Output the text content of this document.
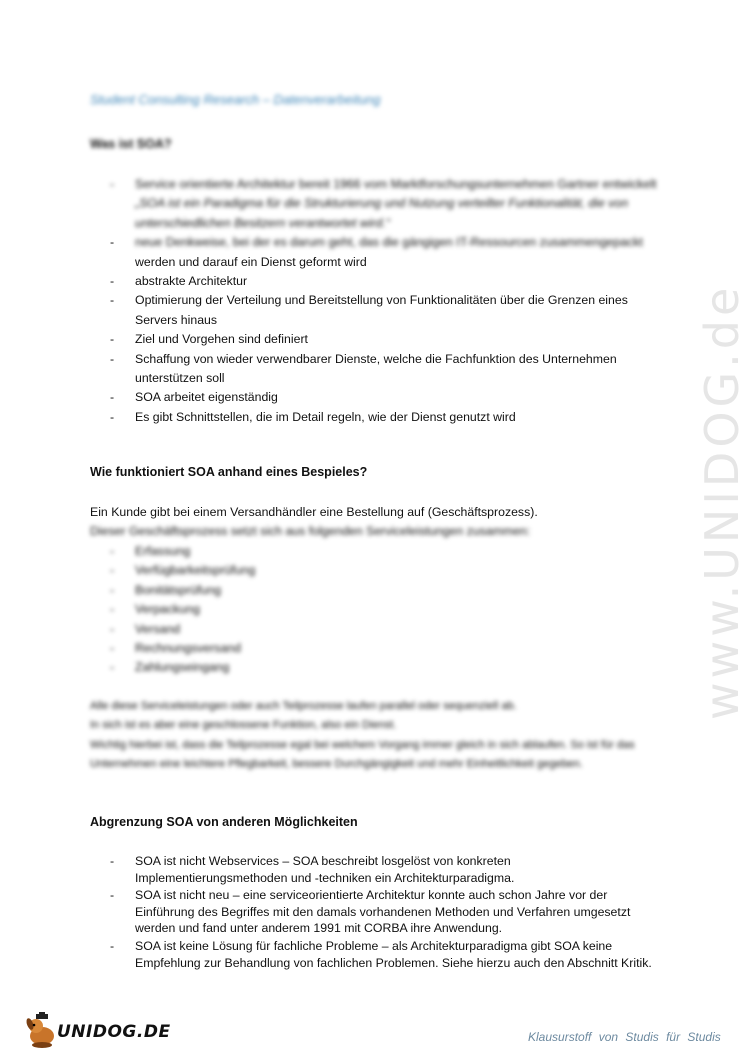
www.UNIDOG.de
Student Consulting Research – Datenverarbeitung
Was ist SOA?
- Service orientierte Architektur bereit 1966 vom Marktforschungsunternehmen Gartner entwickelt
„SOA ist ein Paradigma für die Strukturierung und Nutzung verteilter Funktionalität, die von unterschiedlichen Besitzern verantwortet wird.“
- neue Denkweise, bei der es darum geht, das die gängigen IT-Ressourcen zusammengepackt
werden und darauf ein Dienst geformt wird
- abstrakte Architektur
- Optimierung der Verteilung und Bereitstellung von Funktionalitäten über die Grenzen eines Servers hinaus
- Ziel und Vorgehen sind definiert
- Schaffung von wieder verwendbarer Dienste, welche die Fachfunktion des Unternehmen unterstützen soll
- SOA arbeitet eigenständig
- Es gibt Schnittstellen, die im Detail regeln, wie der Dienst genutzt wird
Wie funktioniert SOA anhand eines Bespieles?

Ein Kunde gibt bei einem Versandhändler eine Bestellung auf (Geschäftsprozess).

Dieser Geschäftsprozess setzt sich aus folgenden Serviceleistungen zusammen:

- Erfassung
- Verfügbarkeitsprüfung
- Bonitätsprüfung
- Verpackung
- Versand
- Rechnungsversand
- Zahlungseingang

Alle diese Serviceleistungen oder auch Teilprozesse laufen parallel oder sequenziell ab.

In sich ist es aber eine geschlossene Funktion, also ein Dienst.

Wichtig hierbei ist, dass die Teilprozesse egal bei welchem Vorgang immer gleich in sich ablaufen. So ist für das Unternehmen eine leichtere Pflegbarkeit, bessere Durchgängigkeit und mehr Einheitlichkeit gegeben.

Abgrenzung SOA von anderen Möglichkeiten
- SOA ist nicht Webservices – SOA beschreibt losgelöst von konkreten Implementierungsmethoden und -techniken ein Architekturparadigma.
- SOA ist nicht neu – eine serviceorientierte Architektur konnte auch schon Jahre vor der Einführung des Begriffes mit den damals vorhandenen Methoden und Verfahren umgesetzt werden und fand unter anderem 1991 mit CORBA ihre Anwendung.
- SOA ist keine Lösung für fachliche Probleme – als Architekturparadigma gibt SOA keine Empfehlung zur Behandlung von fachlichen Problemen. Siehe hierzu auch den Abschnitt Kritik.
UNIDOG.DE	Klausurstoff von Studis für Studis
